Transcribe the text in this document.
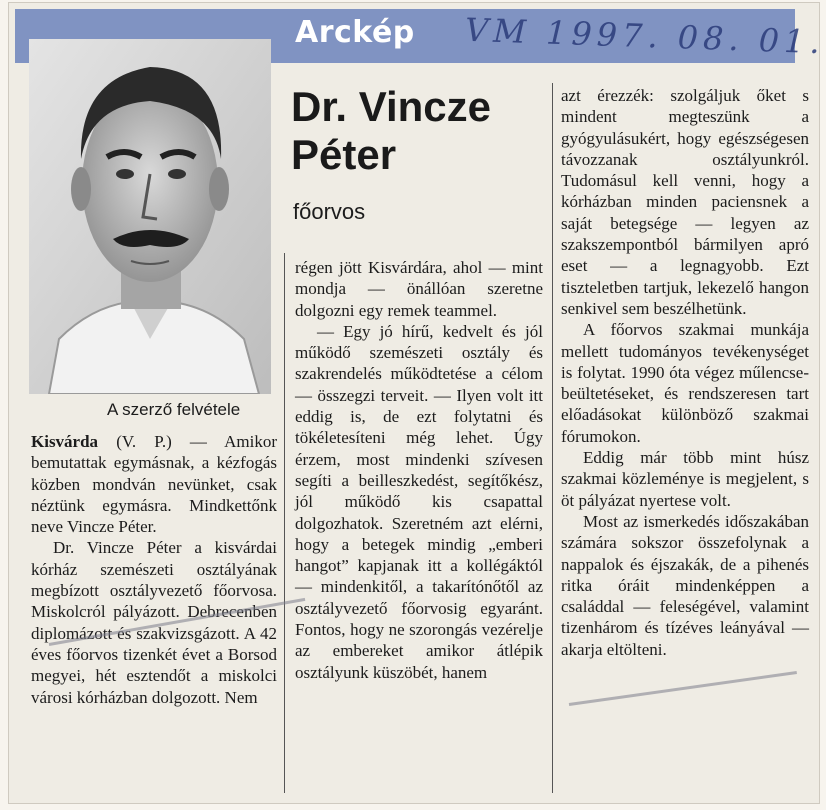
Arckép VM 1997. 08. 01.
A szerző felvétele
Dr. Vincze
Péter
főorvos

Kisvárda (V. P.) — Amikor bemutattak egymásnak, a kézfogás közben mondván nevünket, csak néztünk egymásra. Mindkettőnk neve Vincze Péter.

Dr. Vincze Péter a kisvárdai kórház szemészeti osztályának megbízott osztályvezető főorvosa. Miskolcról pályázott. Debrecenben diplomázott és szakvizsgázott. A 42 éves főorvos tizenkét évet a Borsod megyei, hét esztendőt a miskolci városi kórházban dolgozott. Nem

régen jött Kisvárdára, ahol — mint mondja — önállóan szeretne dolgozni egy remek teammel.

— Egy jó hírű, kedvelt és jól működő szemészeti osztály és szakrendelés működtetése a célom — összegzi terveit. — Ilyen volt itt eddig is, de ezt folytatni és tökéletesíteni még lehet. Úgy érzem, most mindenki szívesen segíti a beilleszkedést, segítőkész, jól működő kis csapattal dolgozhatok. Szeretném azt elérni, hogy a betegek mindig „emberi hangot” kapjanak itt a kollégáktól — mindenkitől, a takarítónőtől az osztályvezető főorvosig egyaránt. Fontos, hogy ne szorongás vezérelje az embereket amikor átlépik osztályunk küszöbét, hanem

azt érezzék: szolgáljuk őket s mindent megteszünk a gyógyulásukért, hogy egészségesen távozzanak osztályunkról. Tudomásul kell venni, hogy a kórházban minden paciensnek a saját betegsége — legyen az szakszempontból bármilyen apró eset — a legnagyobb. Ezt tiszteletben tartjuk, lekezelő hangon senkivel sem beszélhetünk.

A főorvos szakmai munkája mellett tudományos tevékenységet is folytat. 1990 óta végez műlencse-beültetéseket, és rendszeresen tart előadásokat különböző szakmai fórumokon.

Eddig már több mint húsz szakmai közleménye is megjelent, s öt pályázat nyertese volt.

Most az ismerkedés időszakában számára sokszor összefolynak a nappalok és éjszakák, de a pihenés ritka óráit mindenképpen a családdal — feleségével, valamint tizenhárom és tízéves leányával — akarja eltölteni.
